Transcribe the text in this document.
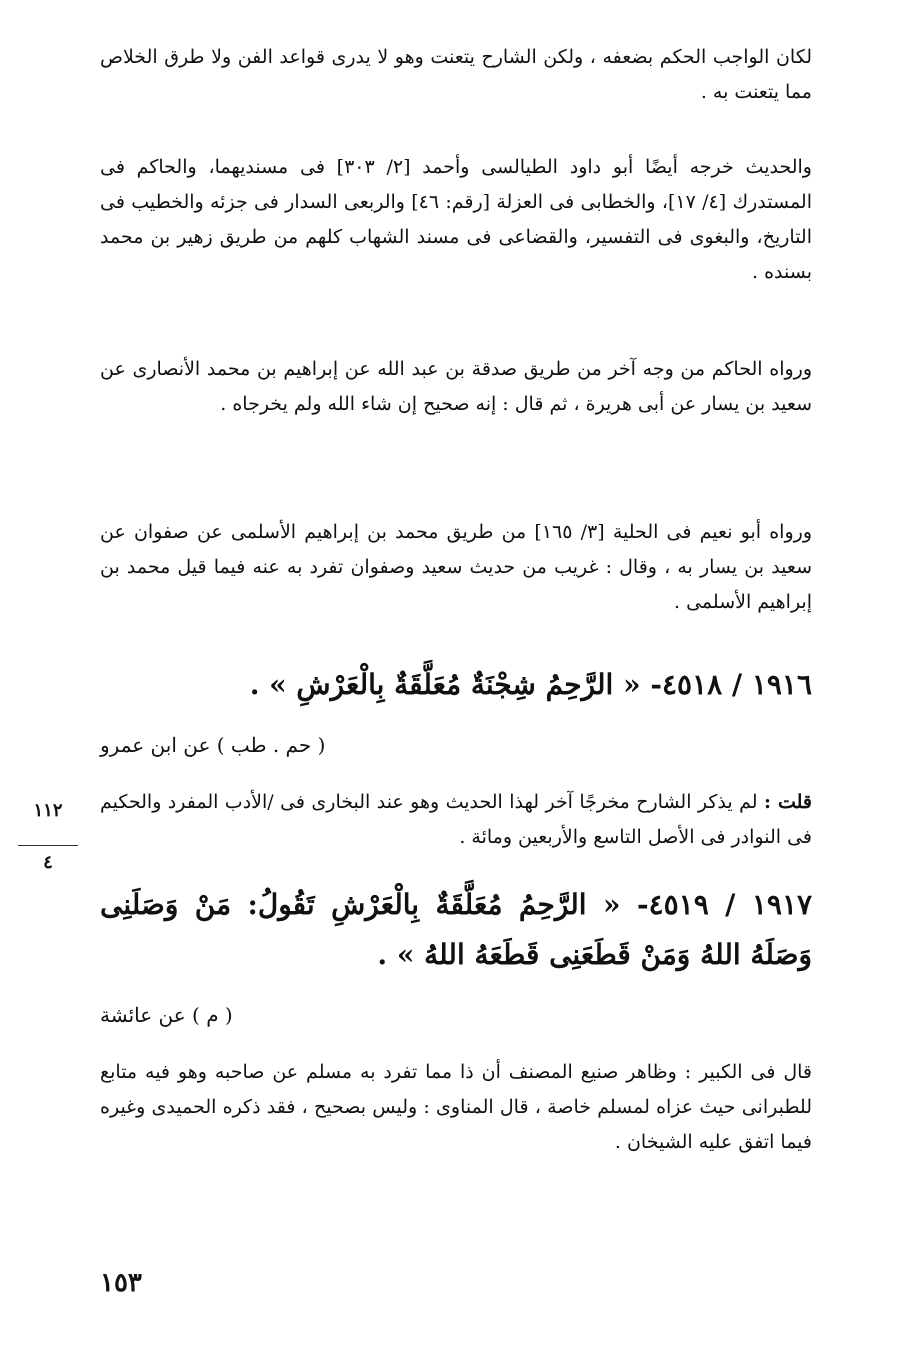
لكان الواجب الحكم بضعفه ، ولكن الشارح يتعنت وهو لا يدرى قواعد الفن ولا طرق الخلاص مما يتعنت به .

والحديث خرجه أيضًا أبو داود الطيالسى وأحمد [٢/ ٣٠٣] فى مسنديهما، والحاكم فى المستدرك [٤/ ١٧]، والخطابى فى العزلة [رقم: ٤٦] والربعى السدار فى جزئه والخطيب فى التاريخ، والبغوى فى التفسير، والقضاعى فى مسند الشهاب كلهم من طريق زهير بن محمد بسنده .

ورواه الحاكم من وجه آخر من طريق صدقة بن عبد الله عن إبراهيم بن محمد الأنصارى عن سعيد بن يسار عن أبى هريرة ، ثم قال : إنه صحيح إن شاء الله ولم يخرجاه .

ورواه أبو نعيم فى الحلية [٣/ ١٦٥] من طريق محمد بن إبراهيم الأسلمى عن صفوان عن سعيد بن يسار به ، وقال : غريب من حديث سعيد وصفوان تفرد به عنه فيما قيل محمد بن إبراهيم الأسلمى .

١٩١٦ / ٤٥١٨- « الرَّحِمُ شِجْنَةٌ مُعَلَّقَةٌ بِالْعَرْشِ » .
( حم . طب ) عن ابن عمرو
قلت : لم يذكر الشارح مخرجًا آخر لهذا الحديث وهو عند البخارى فى /الأدب المفرد والحكيم فى النوادر فى الأصل التاسع والأربعين ومائة .
١١٢
٤
١٩١٧ / ٤٥١٩- « الرَّحِمُ مُعَلَّقَةٌ بِالْعَرْشِ تَقُولُ: مَنْ وَصَلَنِى وَصَلَهُ اللهُ وَمَنْ قَطَعَنِى قَطَعَهُ اللهُ » .
( م ) عن عائشة

قال فى الكبير : وظاهر صنيع المصنف أن ذا مما تفرد به مسلم عن صاحبه وهو فيه متابع للطبرانى حيث عزاه لمسلم خاصة ، قال المناوى : وليس بصحيح ، فقد ذكره الحميدى وغيره فيما اتفق عليه الشيخان .

١٥٣
